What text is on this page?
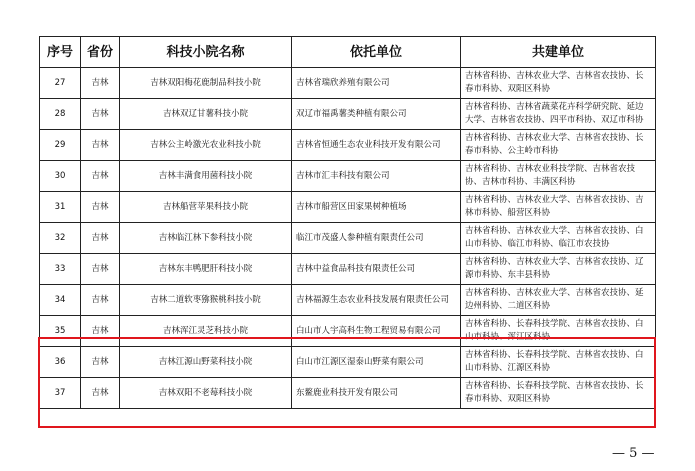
序号	省份	科技小院名称	依托单位	共建单位
27	吉林	吉林双阳梅花鹿制品科技小院	吉林省瑞欣养殖有限公司	吉林省科协、吉林农业大学、吉林省农技协、长春市科协、双阳区科协
28	吉林	吉林双辽甘薯科技小院	双辽市福禹薯类种植有限公司	吉林省科协、吉林省蔬菜花卉科学研究院、延边大学、吉林省农技协、四平市科协、双辽市科协
29	吉林	吉林公主岭激光农业科技小院	吉林省恒通生态农业科技开发有限公司	吉林省科协、吉林农业大学、吉林省农技协、长春市科协、公主岭市科协
30	吉林	吉林丰满食用菌科技小院	吉林市汇丰科技有限公司	吉林省科协、吉林农业科技学院、吉林省农技协、吉林市科协、丰满区科协
31	吉林	吉林船营苹果科技小院	吉林市船营区田家果树种植场	吉林省科协、吉林农业大学、吉林省农技协、吉林市科协、船营区科协
32	吉林	吉林临江林下参科技小院	临江市茂盛人参种植有限责任公司	吉林省科协、吉林农业大学、吉林省农技协、白山市科协、临江市科协、临江市农技协
33	吉林	吉林东丰鸭肥肝科技小院	吉林中益食品科技有限责任公司	吉林省科协、吉林农业大学、吉林省农技协、辽源市科协、东丰县科协
34	吉林	吉林二道软枣猕猴桃科技小院	吉林福源生态农业科技发展有限责任公司	吉林省科协、吉林农业大学、吉林省农技协、延边州科协、二道区科协
35	吉林	吉林浑江灵芝科技小院	白山市人宇高科生物工程贸易有限公司	吉林省科协、长春科技学院、吉林省农技协、白山市科协、浑江区科协
36	吉林	吉林江源山野菜科技小院	白山市江源区湿泰山野菜有限公司	吉林省科协、长春科技学院、吉林省农技协、白山市科协、江源区科协
37	吉林	吉林双阳不老莓科技小院	东鳌鹿业科技开发有限公司	吉林省科协、长春科技学院、吉林省农技协、长春市科协、双阳区科协
— 5 —
